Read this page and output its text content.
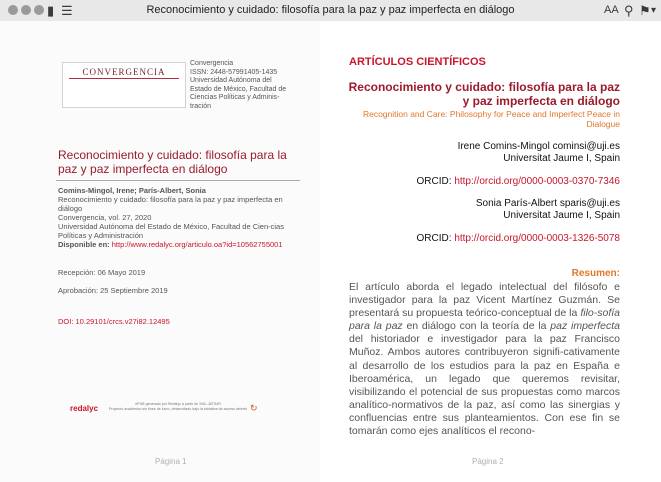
▮ ☰	Reconocimiento y cuidado: filosofía para la paz y paz imperfecta en diálogo	AA ⚲ ⚑ ▾
CONVERGENCIA
Convergencia
ISSN: 2448-57991405-1435
Universidad Autónoma del
Estado de México, Facultad de
Ciencias Políticas y Adminis-
tración
Reconocimiento y cuidado: filosofía para la paz y paz imperfecta en diálogo
Comins-Mingol, Irene; París-Albert, Sonia
Reconocimiento y cuidado: filosofía para la paz y paz imperfecta en diálogo
Convergencia, vol. 27, 2020
Universidad Autónoma del Estado de México, Facultad de Cien-cias Políticas y Administración
Disponible en: http://www.redalyc.org/articulo.oa?id=10562755001
Recepción: 06 Mayo 2019
Aprobación: 25 Septiembre 2019
DOI: 10.29101/crcs.v27i82.12495
redalyc	ePUB generado por Redalyc a partir de XML-JATS4R
Proyecto académico sin fines de lucro, desarrollado bajo la iniciativa de acceso abierto ↻
Página 1
ARTÍCULOS CIENTÍFICOS
Reconocimiento y cuidado: filosofía para la paz y paz imperfecta en diálogo
Recognition and Care: Philosophy for Peace and Imperfect Peace in Dialogue
Irene Comins-Mingol cominsi@uji.es
Universitat Jaume I, Spain
ORCID: http://orcid.org/0000-0003-0370-7346
Sonia París-Albert sparis@uji.es
Universitat Jaume I, Spain
ORCID: http://orcid.org/0000-0003-1326-5078
Resumen:
El artículo aborda el legado intelectual del filósofo e investigador para la paz Vicent Martínez Guzmán. Se presentará su propuesta teórico-conceptual de la filo-sofía para la paz en diálogo con la teoría de la paz imperfecta del historiador e investigador para la paz Francisco Muñoz. Ambos autores contribuyeron signifi-cativamente al desarrollo de los estudios para la paz en España e Iberoamérica, un legado que queremos revisitar, visibilizando el potencial de sus propuestas como marcos analítico-normativos de la paz, así como las sinergias y confluencias entre sus planteamientos. Con ese fin se tomarán como ejes analíticos el recono-
Página 2
